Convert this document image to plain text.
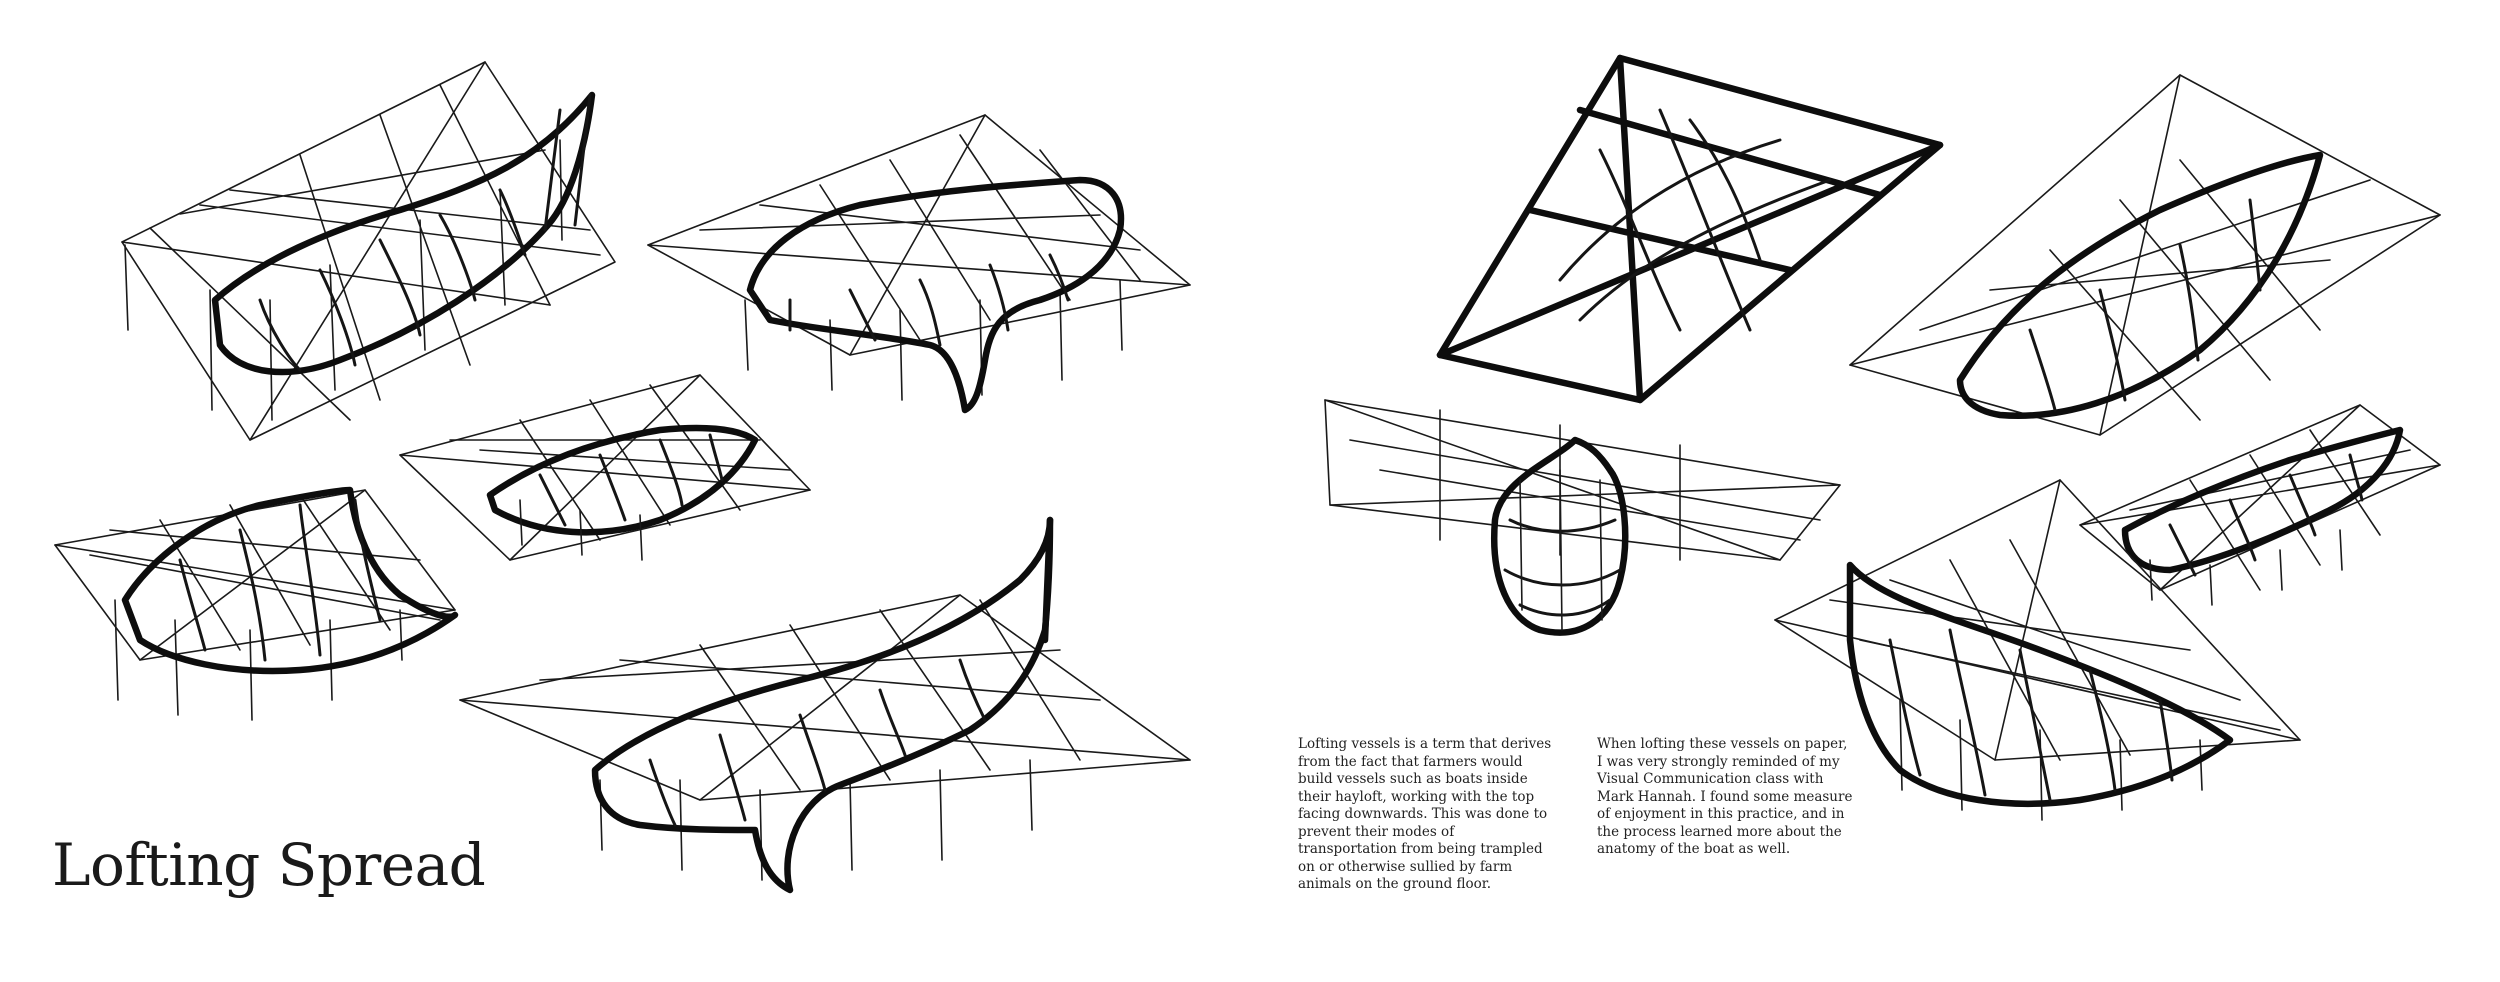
Lofting Spread
Lofting vessels is a term that derives from the fact that farmers would build vessels such as boats inside their hayloft, working with the top facing downwards. This was done to prevent their modes of transportation from being trampled on or otherwise sullied by farm animals on the ground floor.
When lofting these vessels on paper, I was very strongly reminded of my Visual Communication class with Mark Hannah. I found some measure of enjoyment in this practice, and in the process learned more about the anatomy of the boat as well.
